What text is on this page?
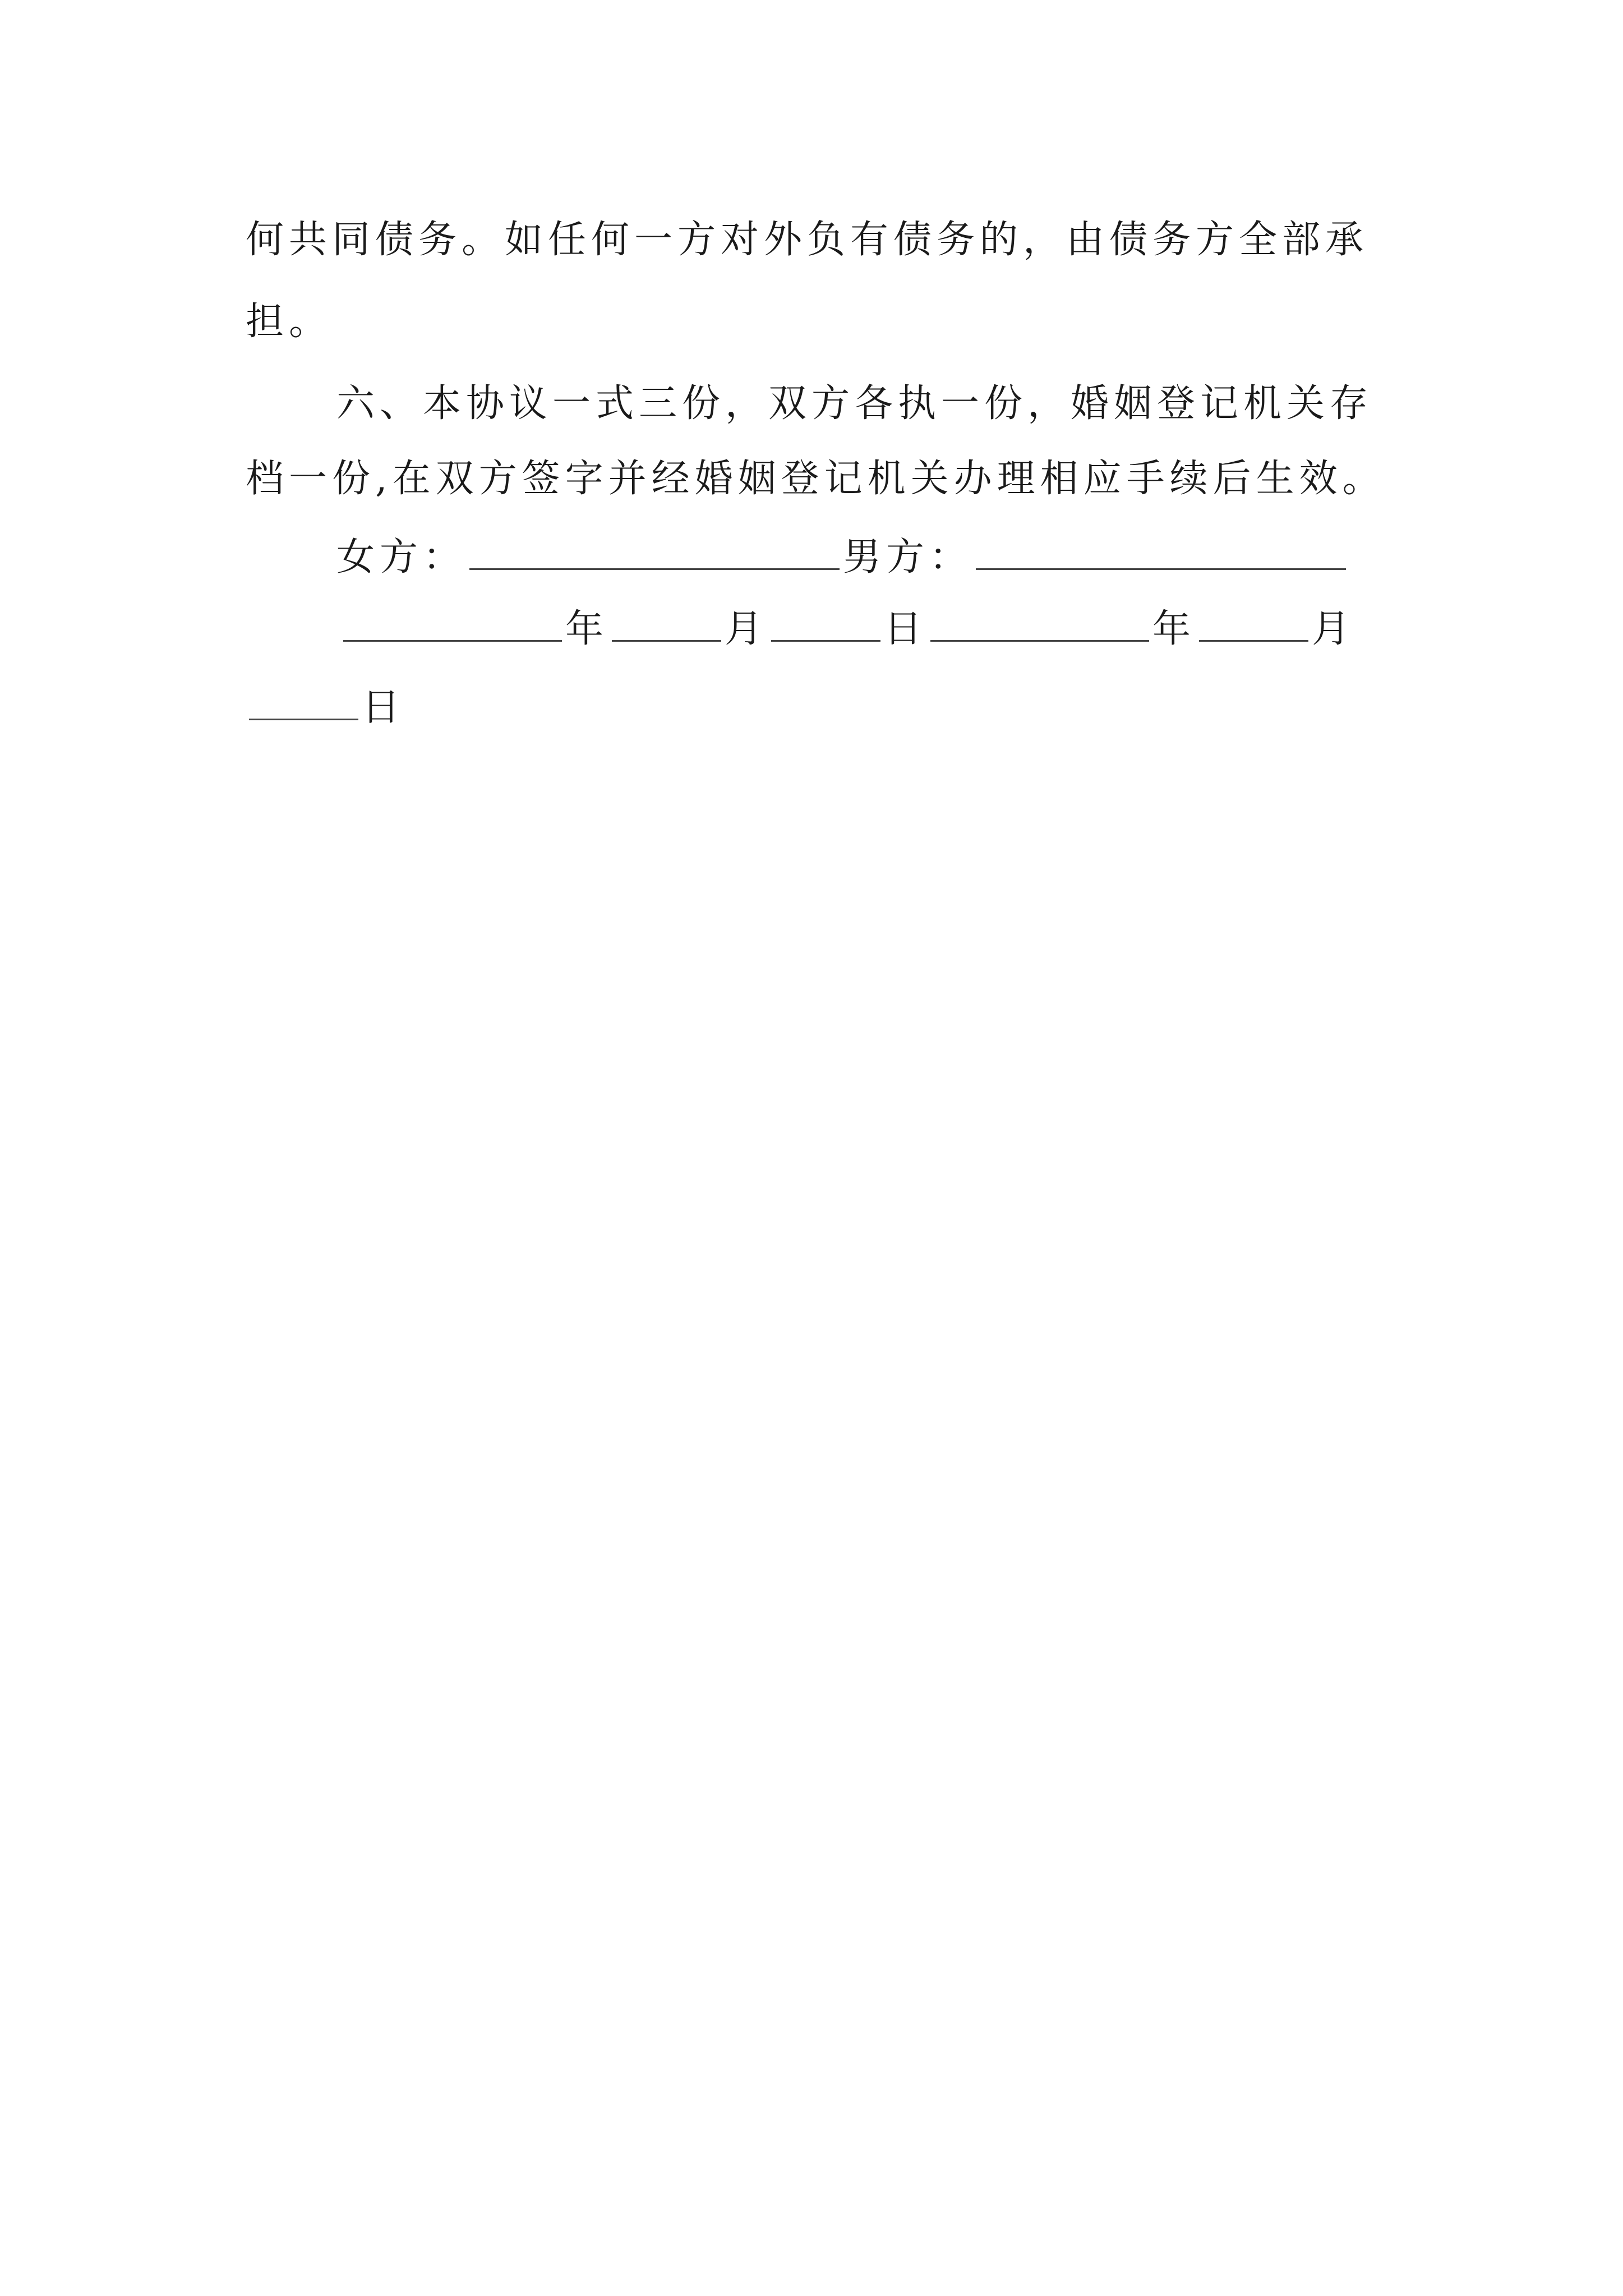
何共同债务。如任何一方对外负有债务的，由债务方全部承

担。

六、本协议一式三份，双方各执一份，婚姻登记机关存

档一份,在双方签字并经婚姻登记机关办理相应手续后生效。

女方：	男方：
年	月	日	年	月
日
